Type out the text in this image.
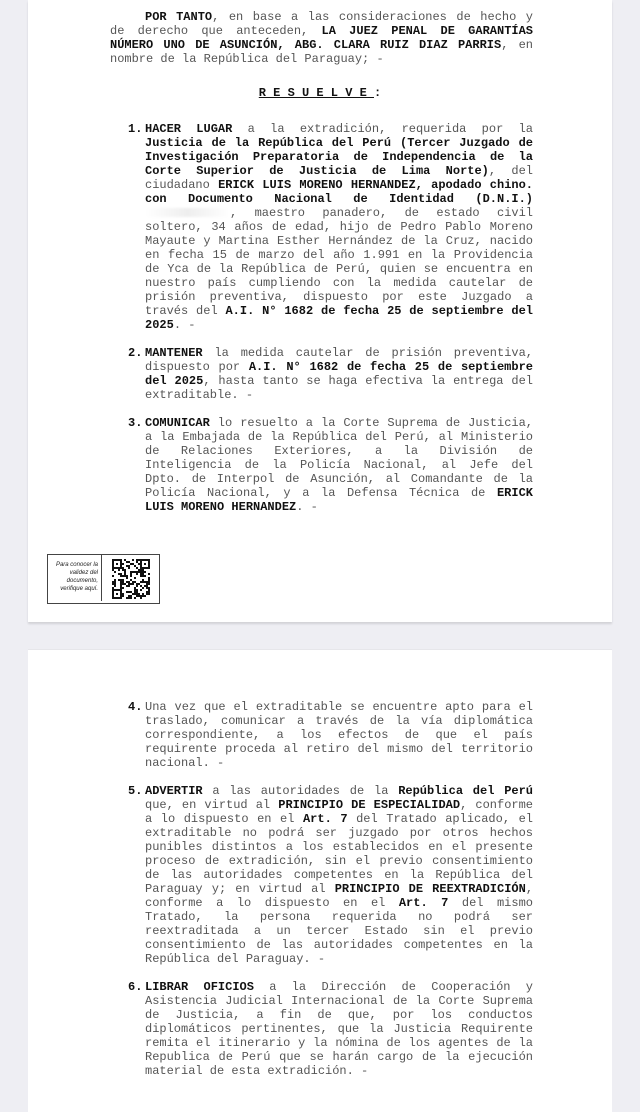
POR TANTO, en base a las consideraciones de hecho y de derecho que anteceden, LA JUEZ PENAL DE GARANTÍAS NÚMERO UNO DE ASUNCIÓN, ABG. CLARA RUIZ DIAZ PARRIS, en nombre de la República del Paraguay; -
RESUELVE:
1. HACER LUGAR a la extradición, requerida por la Justicia de la República del Perú (Tercer Juzgado de Investigación Preparatoria de Independencia de la Corte Superior de Justicia de Lima Norte), del ciudadano ERICK LUIS MORENO HERNANDEZ, apodado chino. con Documento Nacional de Identidad (D.N.I.), maestro panadero, de estado civil soltero, 34 años de edad, hijo de Pedro Pablo Moreno Mayaute y Martina Esther Hernández de la Cruz, nacido en fecha 15 de marzo del año 1.991 en la Providencia de Yca de la República de Perú, quien se encuentra en nuestro país cumpliendo con la medida cautelar de prisión preventiva, dispuesto por este Juzgado a través del A.I. N° 1682 de fecha 25 de septiembre del 2025. -
2. MANTENER la medida cautelar de prisión preventiva, dispuesto por A.I. N° 1682 de fecha 25 de septiembre del 2025, hasta tanto se haga efectiva la entrega del extraditable. -
3. COMUNICAR lo resuelto a la Corte Suprema de Justicia, a la Embajada de la República del Perú, al Ministerio de Relaciones Exteriores, a la División de Inteligencia de la Policía Nacional, al Jefe del Dpto. de Interpol de Asunción, al Comandante de la Policía Nacional, y a la Defensa Técnica de ERICK LUIS MORENO HERNANDEZ. -
Para conocer la validez del documento, verifique aquí.
4. Una vez que el extraditable se encuentre apto para el traslado, comunicar a través de la vía diplomática correspondiente, a los efectos de que el país requirente proceda al retiro del mismo del territorio nacional. -
5. ADVERTIR a las autoridades de la República del Perú que, en virtud al PRINCIPIO DE ESPECIALIDAD, conforme a lo dispuesto en el Art. 7 del Tratado aplicado, el extraditable no podrá ser juzgado por otros hechos punibles distintos a los establecidos en el presente proceso de extradición, sin el previo consentimiento de las autoridades competentes en la República del Paraguay y; en virtud al PRINCIPIO DE REEXTRADICIÓN, conforme a lo dispuesto en el Art. 7 del mismo Tratado, la persona requerida no podrá ser reextraditada a un tercer Estado sin el previo consentimiento de las autoridades competentes en la República del Paraguay. -
6. LIBRAR OFICIOS a la Dirección de Cooperación y Asistencia Judicial Internacional de la Corte Suprema de Justicia, a fin de que, por los conductos diplomáticos pertinentes, que la Justicia Requirente remita el itinerario y la nómina de los agentes de la Republica de Perú que se harán cargo de la ejecución material de esta extradición. -
